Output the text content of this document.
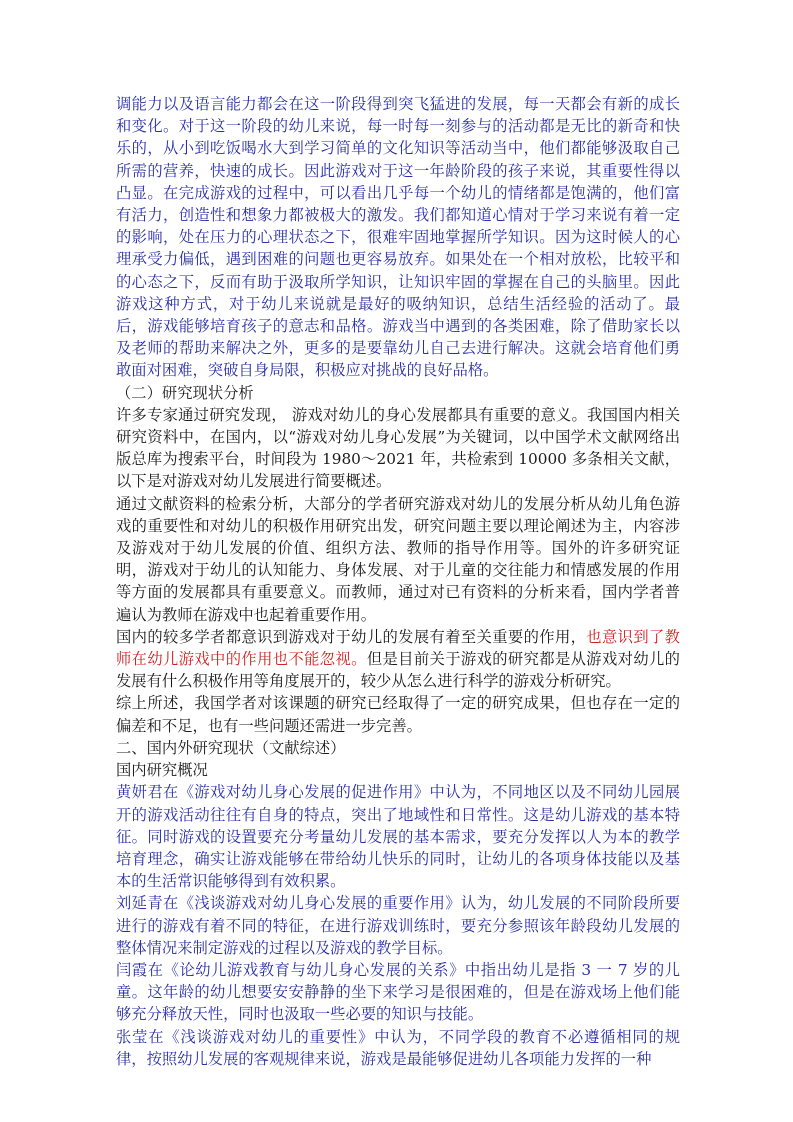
调能力以及语言能力都会在这一阶段得到突飞猛进的发展，每一天都会有新的成长和变化。对于这一阶段的幼儿来说，每一时每一刻参与的活动都是无比的新奇和快乐的，从小到吃饭喝水大到学习简单的文化知识等活动当中，他们都能够汲取自己所需的营养，快速的成长。因此游戏对于这一年龄阶段的孩子来说，其重要性得以凸显。在完成游戏的过程中，可以看出几乎每一个幼儿的情绪都是饱满的，他们富有活力，创造性和想象力都被极大的激发。我们都知道心情对于学习来说有着一定的影响，处在压力的心理状态之下，很难牢固地掌握所学知识。因为这时候人的心理承受力偏低，遇到困难的问题也更容易放弃。如果处在一个相对放松，比较平和的心态之下，反而有助于汲取所学知识，让知识牢固的掌握在自己的头脑里。因此游戏这种方式，对于幼儿来说就是最好的吸纳知识，总结生活经验的活动了。最后，游戏能够培育孩子的意志和品格。游戏当中遇到的各类困难，除了借助家长以及老师的帮助来解决之外，更多的是要靠幼儿自己去进行解决。这就会培育他们勇敢面对困难，突破自身局限，积极应对挑战的良好品格。

（二）研究现状分析

许多专家通过研究发现， 游戏对幼儿的身心发展都具有重要的意义。我国国内相关研究资料中，在国内，以“游戏对幼儿身心发展”为关键词，以中国学术文献网络出版总库为搜索平台，时间段为 1980～2021 年，共检索到 10000 多条相关文献，以下是对游戏对幼儿发展进行简要概述。

通过文献资料的检索分析，大部分的学者研究游戏对幼儿的发展分析从幼儿角色游戏的重要性和对幼儿的积极作用研究出发，研究问题主要以理论阐述为主，内容涉及游戏对于幼儿发展的价值、组织方法、教师的指导作用等。国外的许多研究证明，游戏对于幼儿的认知能力、身体发展、对于儿童的交往能力和情感发展的作用等方面的发展都具有重要意义。而教师，通过对已有资料的分析来看，国内学者普遍认为教师在游戏中也起着重要作用。

国内的较多学者都意识到游戏对于幼儿的发展有着至关重要的作用，也意识到了教师在幼儿游戏中的作用也不能忽视。但是目前关于游戏的研究都是从游戏对幼儿的发展有什么积极作用等角度展开的，较少从怎么进行科学的游戏分析研究。

综上所述，我国学者对该课题的研究已经取得了一定的研究成果，但也存在一定的偏差和不足，也有一些问题还需进一步完善。

二、国内外研究现状（文献综述）

国内研究概况

黄妍君在《游戏对幼儿身心发展的促进作用》中认为，不同地区以及不同幼儿园展开的游戏活动往往有自身的特点，突出了地域性和日常性。这是幼儿游戏的基本特征。同时游戏的设置要充分考量幼儿发展的基本需求，要充分发挥以人为本的教学培育理念，确实让游戏能够在带给幼儿快乐的同时，让幼儿的各项身体技能以及基本的生活常识能够得到有效积累。

刘延青在《浅谈游戏对幼儿身心发展的重要作用》认为，幼儿发展的不同阶段所要进行的游戏有着不同的特征，在进行游戏训练时，要充分参照该年龄段幼儿发展的整体情况来制定游戏的过程以及游戏的教学目标。

闫霞在《论幼儿游戏教育与幼儿身心发展的关系》中指出幼儿是指 3 一 7 岁的儿童。这年龄的幼儿想要安安静静的坐下来学习是很困难的，但是在游戏场上他们能够充分释放天性，同时也汲取一些必要的知识与技能。

张莹在《浅谈游戏对幼儿的重要性》中认为，不同学段的教育不必遵循相同的规律，按照幼儿发展的客观规律来说，游戏是最能够促进幼儿各项能力发挥的一种
